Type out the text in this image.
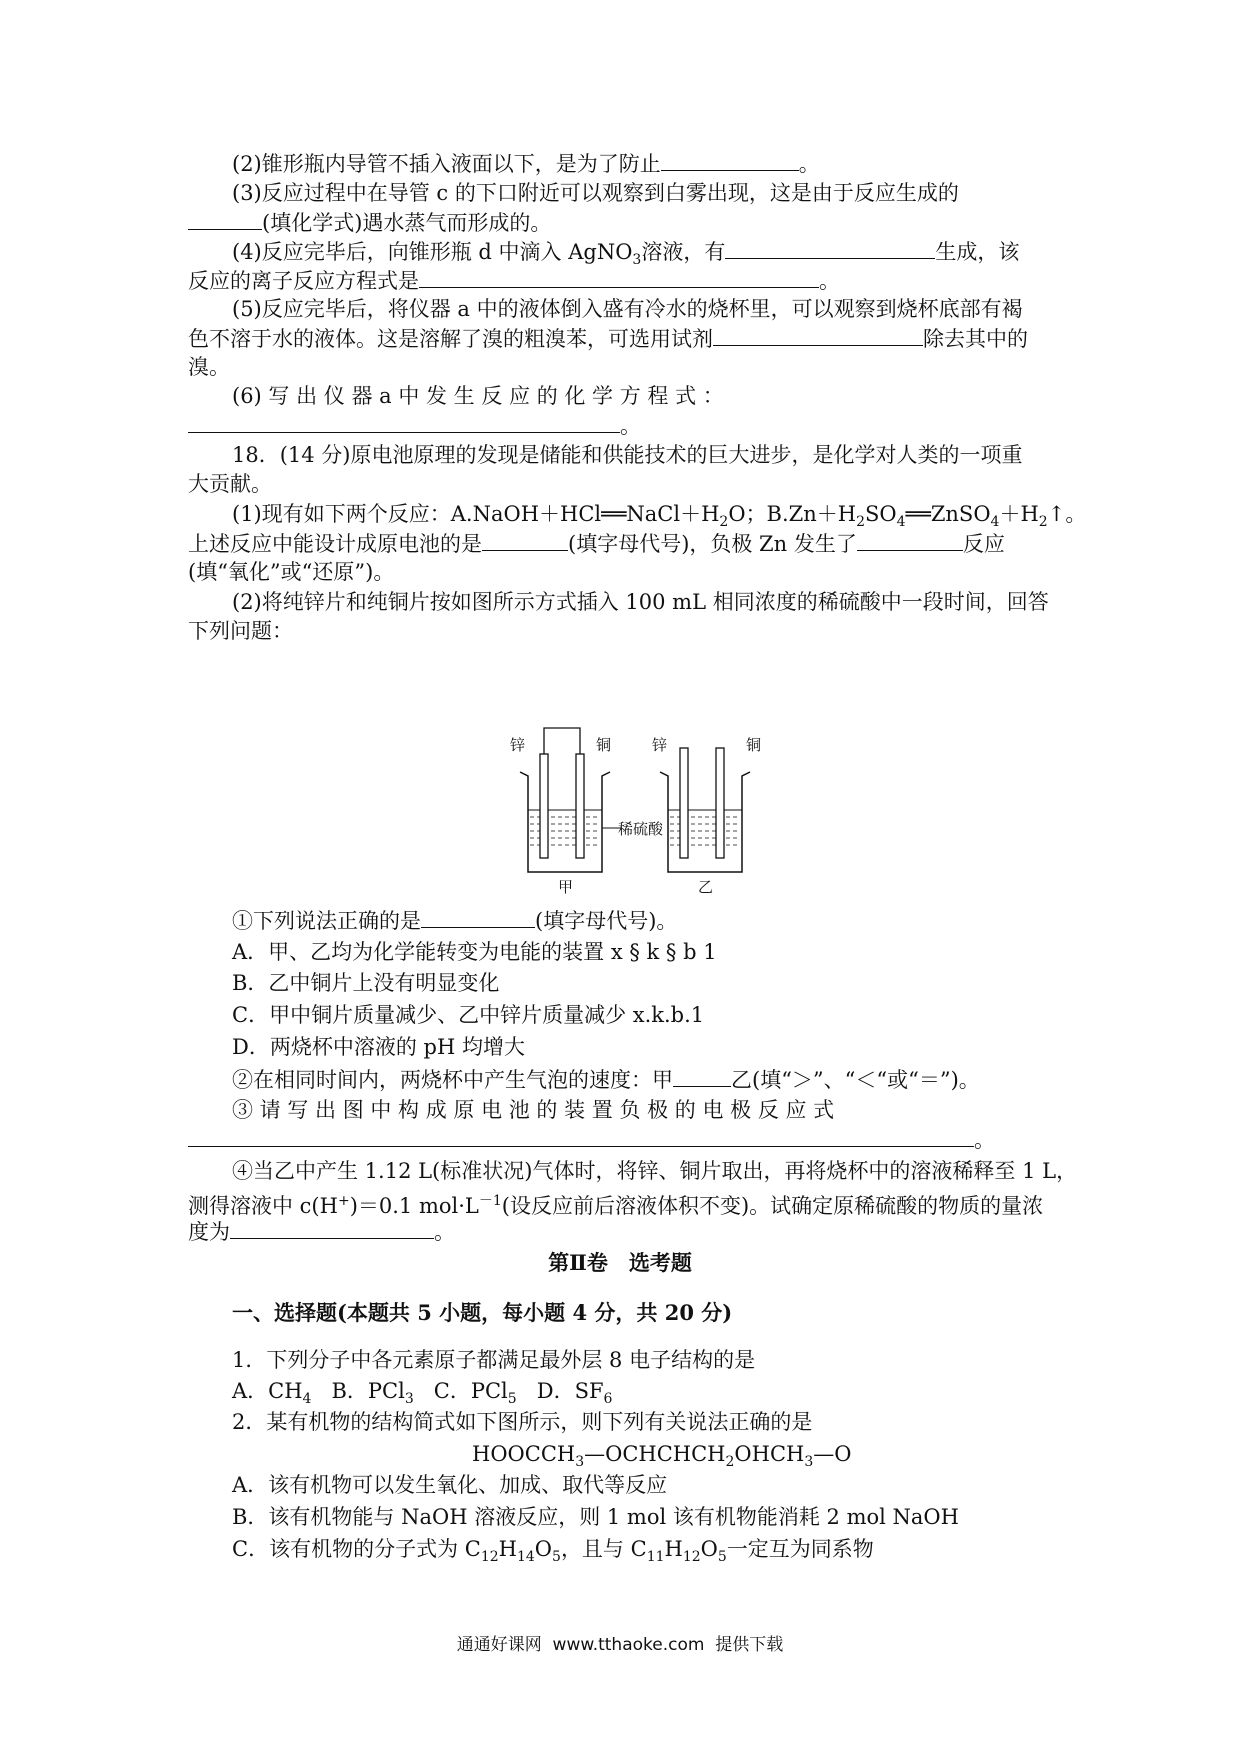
(2)锥形瓶内导管不插入液面以下，是为了防止	。
(3)反应过程中在导管 c 的下口附近可以观察到白雾出现，这是由于反应生成的
(填化学式)遇水蒸气而形成的。
(4)反应完毕后，向锥形瓶 d 中滴入 AgNO$_3$溶液，有	生成，该
反应的离子反应方程式是	。
(5)反应完毕后，将仪器 a 中的液体倒入盛有冷水的烧杯里，可以观察到烧杯底部有褐
色不溶于水的液体。这是溶解了溴的粗溴苯，可选用试剂	除去其中的
溴。
(6) 写 出 仪 器 a 中 发 生 反 应 的 化 学 方 程 式 ：
。
18．(14 分)原电池原理的发现是储能和供能技术的巨大进步，是化学对人类的一项重
大贡献。
(1)现有如下两个反应：$A.NaOH+HCl══NaCl+H_2O$；$B.Zn+H_2SO_4══ZnSO_4+H_2↑$。
上述反应中能设计成原电池的是	(填字母代号)，负极 Zn 发生了	反应
(填“氧化”或“还原”)。
(2)将纯锌片和纯铜片按如图所示方式插入 100 mL 相同浓度的稀硫酸中一段时间，回答
下列问题：
锌	铜	锌	铜
稀硫酸
甲	乙
①下列说法正确的是	(填字母代号)。
A．甲、乙均为化学能转变为电能的装置 x § k § b 1
B．乙中铜片上没有明显变化
C．甲中铜片质量减少、乙中锌片质量减少 x.k.b.1
D．两烧杯中溶液的 pH 均增大
②在相同时间内，两烧杯中产生气泡的速度：甲	乙(填“＞”、“＜“或“＝”)。
③ 请 写 出 图 中 构 成 原 电 池 的 装 置 负 极 的 电 极 反 应 式
。
④当乙中产生 1.12 L(标准状况)气体时，将锌、铜片取出，再将烧杯中的溶液稀释至 1 L，
测得溶液中 c(H+)＝0.1 $mol\cdot L^{-1}$(设反应前后溶液体积不变)。试确定原稀硫酸的物质的量浓
度为	。
第Ⅱ卷　选考题
一、选择题(本题共 5 小题，每小题 4 分，共 20 分)
1．下列分子中各元素原子都满足最外层 8 电子结构的是
A．$CH_4$   B．PCl$_3$   C．PCl$_5$   D．$SF_6$
2．某有机物的结构简式如下图所示，则下列有关说法正确的是
$HOOCCH_3—OCHCHCH_2OHCH_3—O$
A．该有机物可以发生氧化、加成、取代等反应
B．该有机物能与 NaOH 溶液反应，则 1 mol 该有机物能消耗 2 mol NaOH
C．该有机物的分子式为 $C_{12}H_{14}O_5$，且与 $C_{11}H_{12}O_5$一定互为同系物
通通好课网  www.tthaoke.com  提供下载
